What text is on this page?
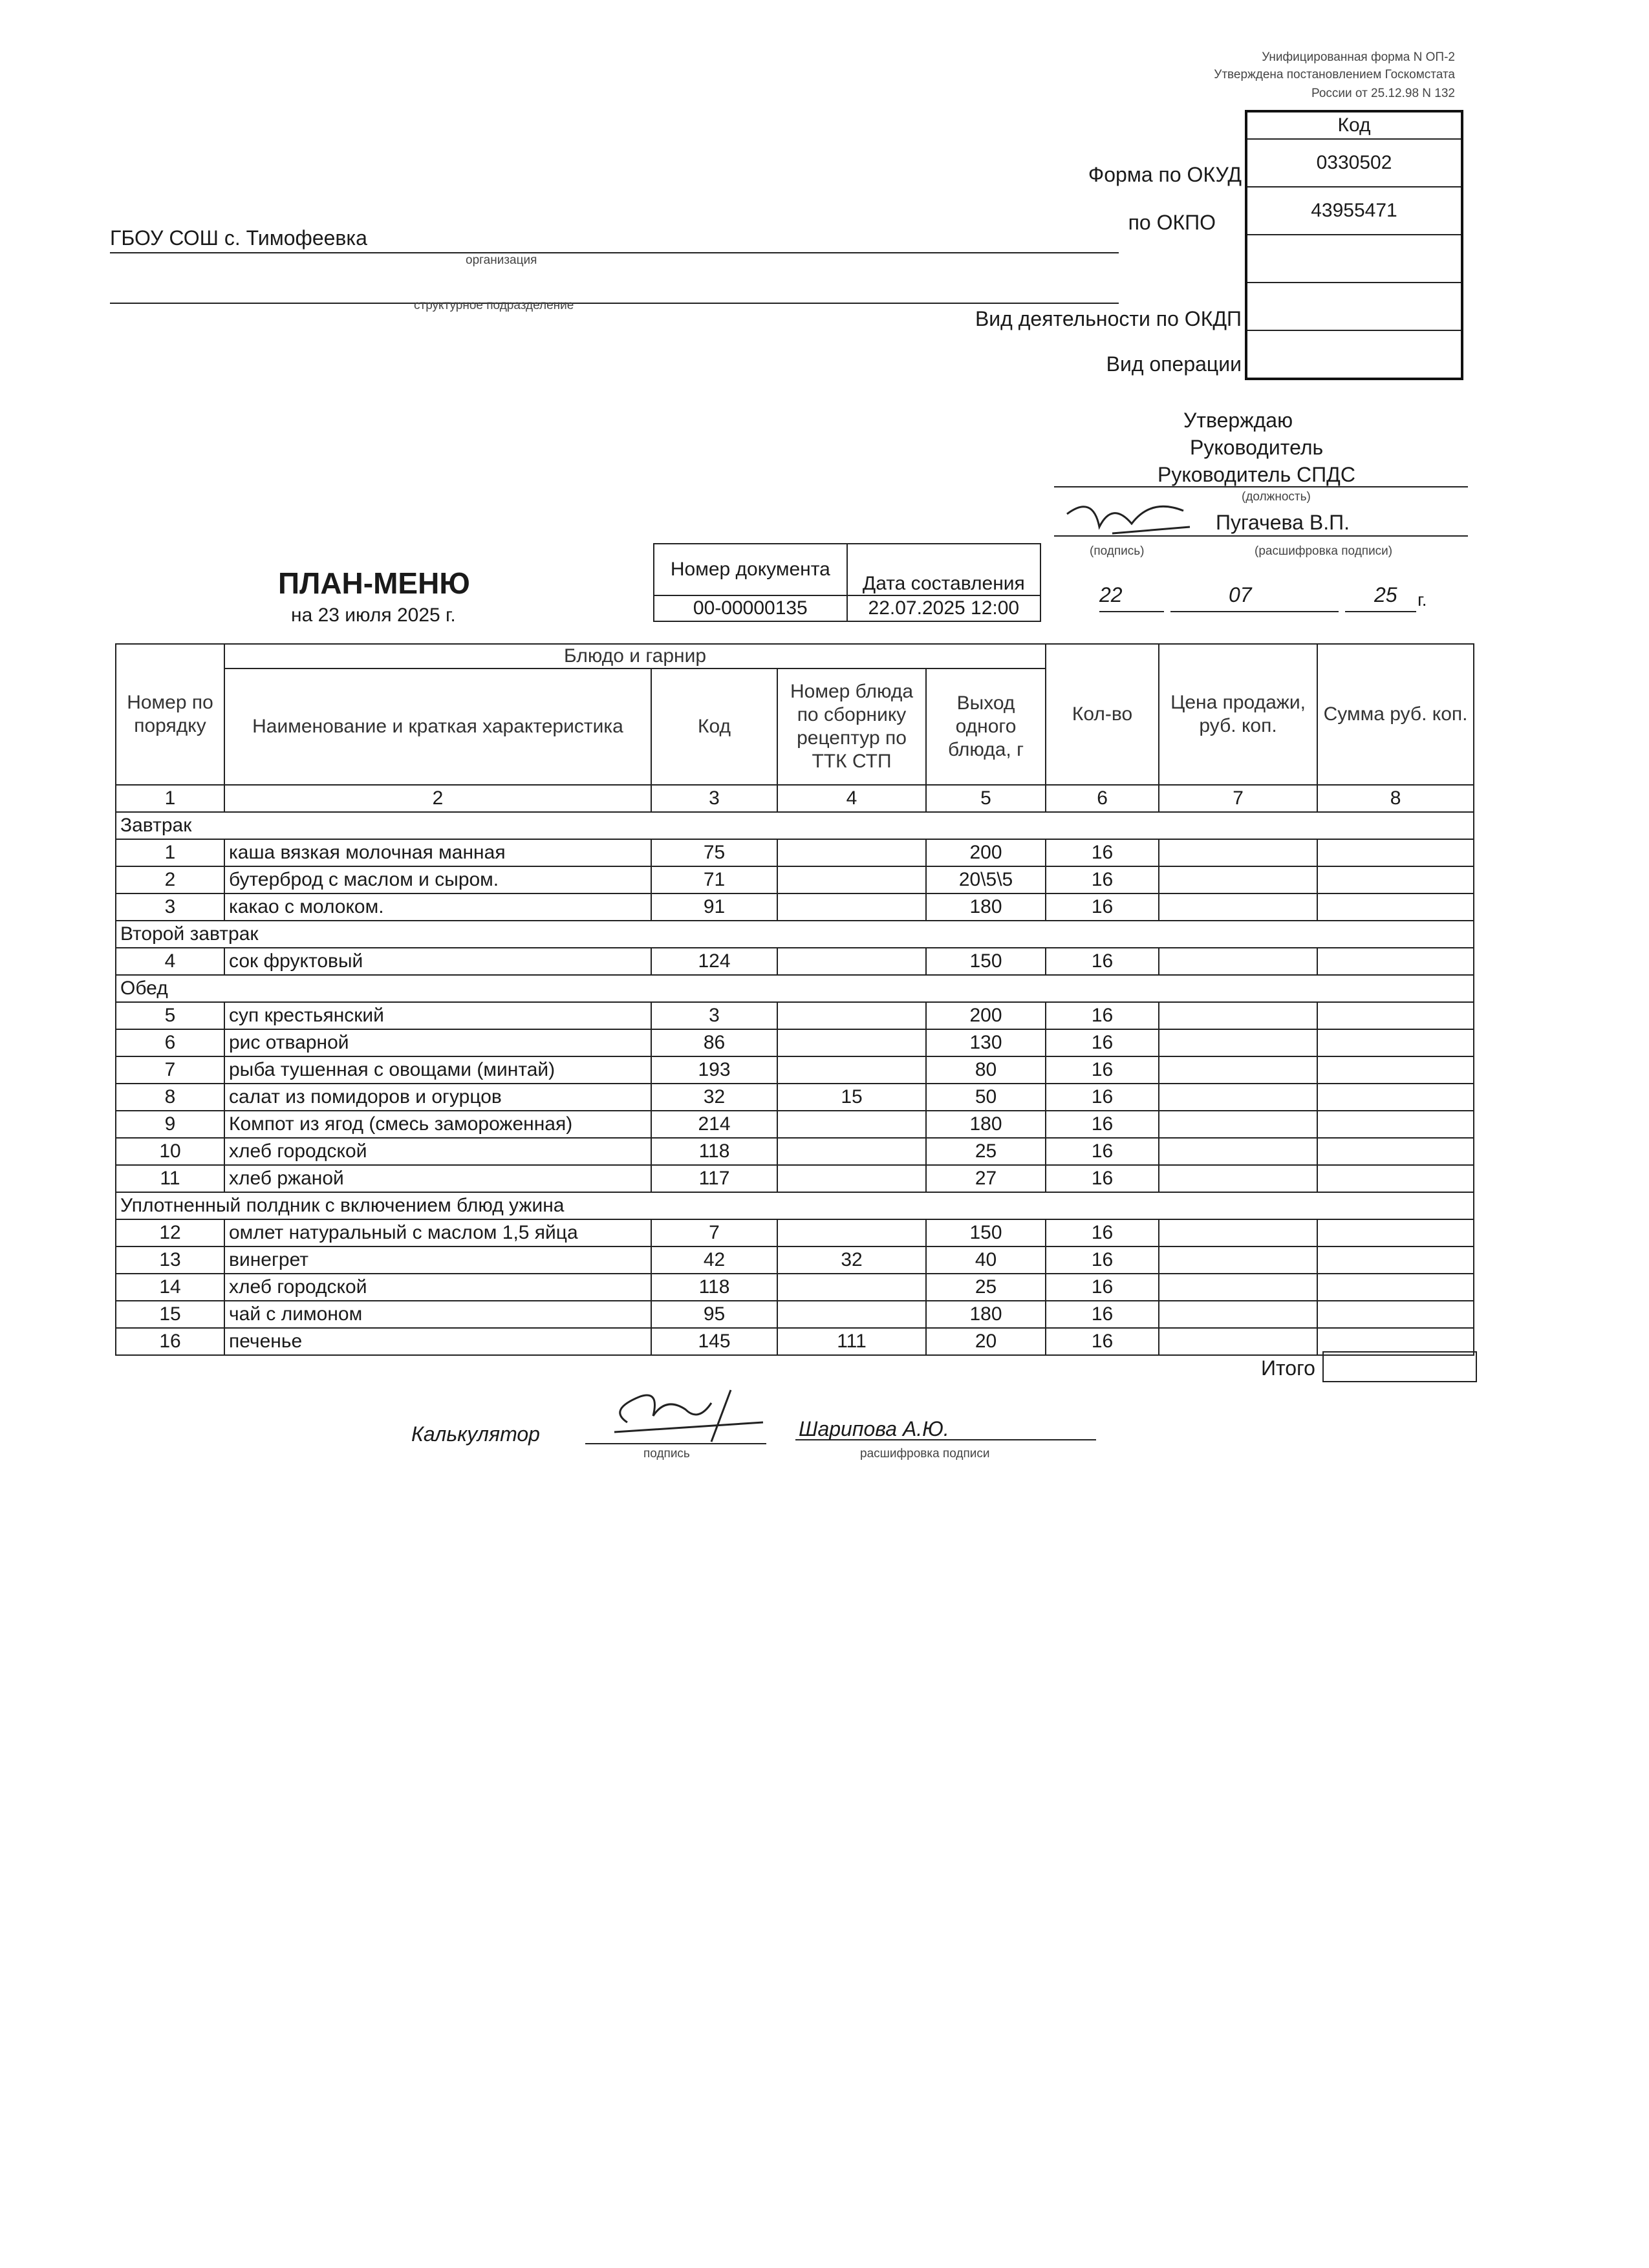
Унифицированная форма N ОП-2
Утверждена постановлением Госкомстата
России от 25.12.98 N 132
Код
0330502
43955471
Форма по ОКУД
по ОКПО
Вид деятельности по ОКДП
Вид операции
ГБОУ СОШ с. Тимофеевка
организация
структурное подразделение
Утверждаю
Руководитель
Руководитель СПДС
(должность)
Пугачева В.П.
(подпись)	(расшифровка подписи)
22	07	25 г.
ПЛАН-МЕНЮ
на 23 июля 2025 г.
Номер документа	Дата составления
00-00000135	22.07.2025 12:00
Номер по порядку	Блюдо и гарнир				Кол-во	Цена продажи, руб. коп.	Сумма руб. коп.
	Наименование и краткая характеристика	Код	Номер блюда по сборнику рецептур по ТТК СТП	Выход одного блюда, г			
1	2	3	4	5	6	7	8
Завтрак							
1	каша вязкая молочная манная	75		200	16		
2	бутерброд с маслом и сыром.	71		20\5\5	16		
3	какао с молоком.	91		180	16		
Второй завтрак							
4	сок фруктовый	124		150	16		
Обед							
5	суп крестьянский	3		200	16		
6	рис отварной	86		130	16		
7	рыба тушенная с овощами (минтай)	193		80	16		
8	салат из помидоров и огурцов	32	15	50	16		
9	Компот из ягод (смесь замороженная)	214		180	16		
10	хлеб городской	118		25	16		
11	хлеб ржаной	117		27	16		
Уплотненный полдник с включением блюд ужина							
12	омлет натуральный с маслом 1,5 яйца	7		150	16		
13	винегрет	42	32	40	16		
14	хлеб городской	118		25	16		
15	чай с лимоном	95		180	16		
16	печенье	145	111	20	16		
Итого
Калькулятор
подпись
Шарипова А.Ю.
расшифровка подписи
